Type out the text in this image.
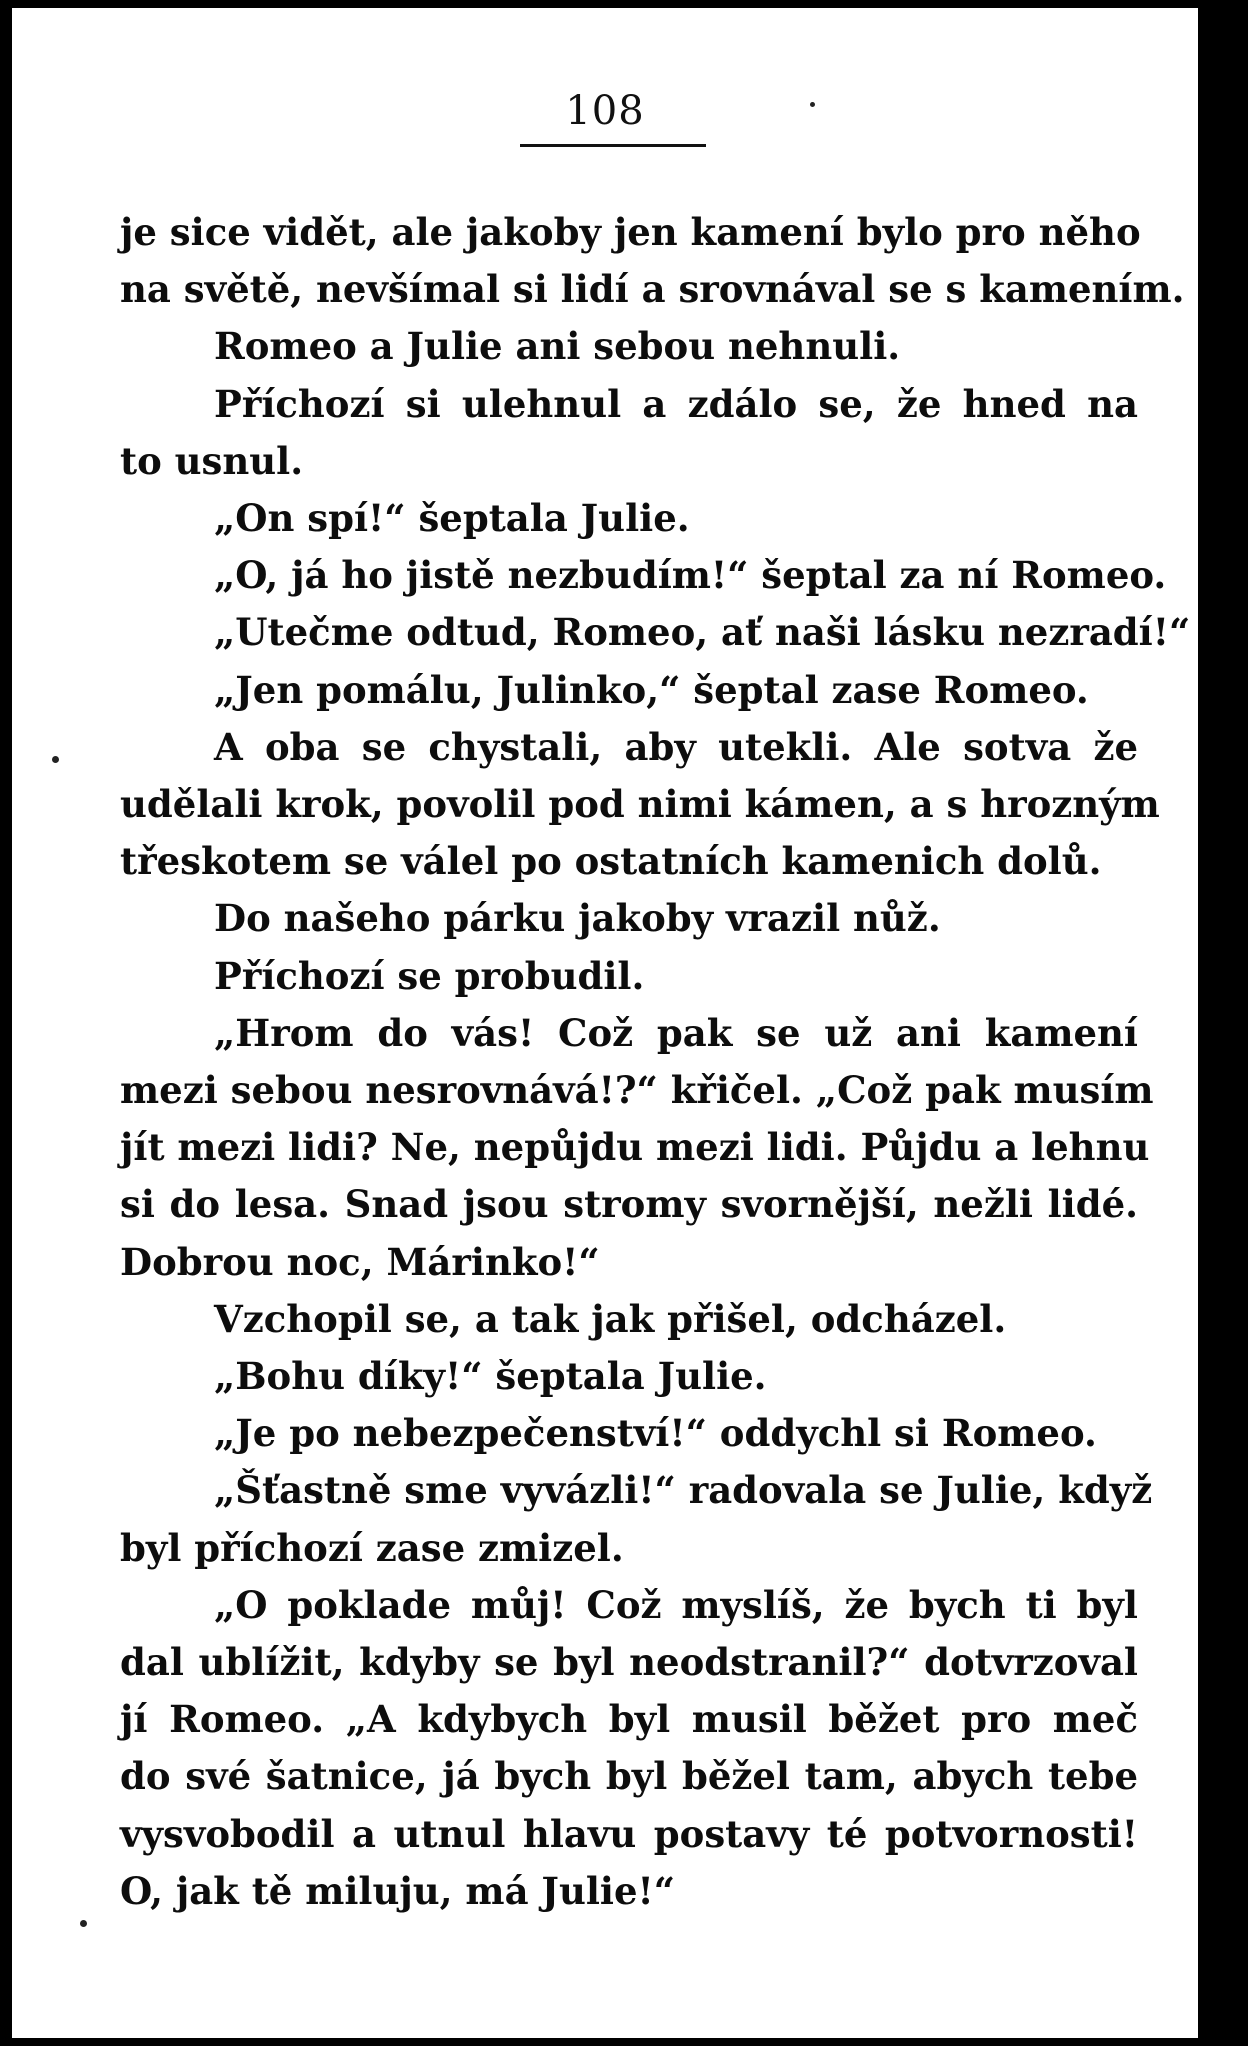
108
je sice vidět, ale jakoby jen kamení bylo pro něho
na světě, nevšímal si lidí a srovnával se s kamením.
Romeo a Julie ani sebou nehnuli.
Příchozí si ulehnul a zdálo se, že hned na
to usnul.
„On spí!“ šeptala Julie.
„O, já ho jistě nezbudím!“ šeptal za ní Romeo.
„Utečme odtud, Romeo, ať naši lásku nezradí!“
„Jen pomálu, Julinko,“ šeptal zase Romeo.
A oba se chystali, aby utekli. Ale sotva že
udělali krok, povolil pod nimi kámen, a s hrozným
třeskotem se válel po ostatních kamenich dolů.
Do našeho párku jakoby vrazil nůž.
Příchozí se probudil.
„Hrom do vás! Což pak se už ani kamení
mezi sebou nesrovnává!?“ křičel. „Což pak musím
jít mezi lidi? Ne, nepůjdu mezi lidi. Půjdu a lehnu
si do lesa. Snad jsou stromy svornější, nežli lidé.
Dobrou noc, Márinko!“
Vzchopil se, a tak jak přišel, odcházel.
„Bohu díky!“ šeptala Julie.
„Je po nebezpečenství!“ oddychl si Romeo.
„Šťastně sme vyvázli!“ radovala se Julie, když
byl příchozí zase zmizel.
„O poklade můj! Což myslíš, že bych ti byl
dal ublížit, kdyby se byl neodstranil?“ dotvrzoval
jí Romeo. „A kdybych byl musil běžet pro meč
do své šatnice, já bych byl běžel tam, abych tebe
vysvobodil a utnul hlavu postavy té potvornosti!
O, jak tě miluju, má Julie!“
